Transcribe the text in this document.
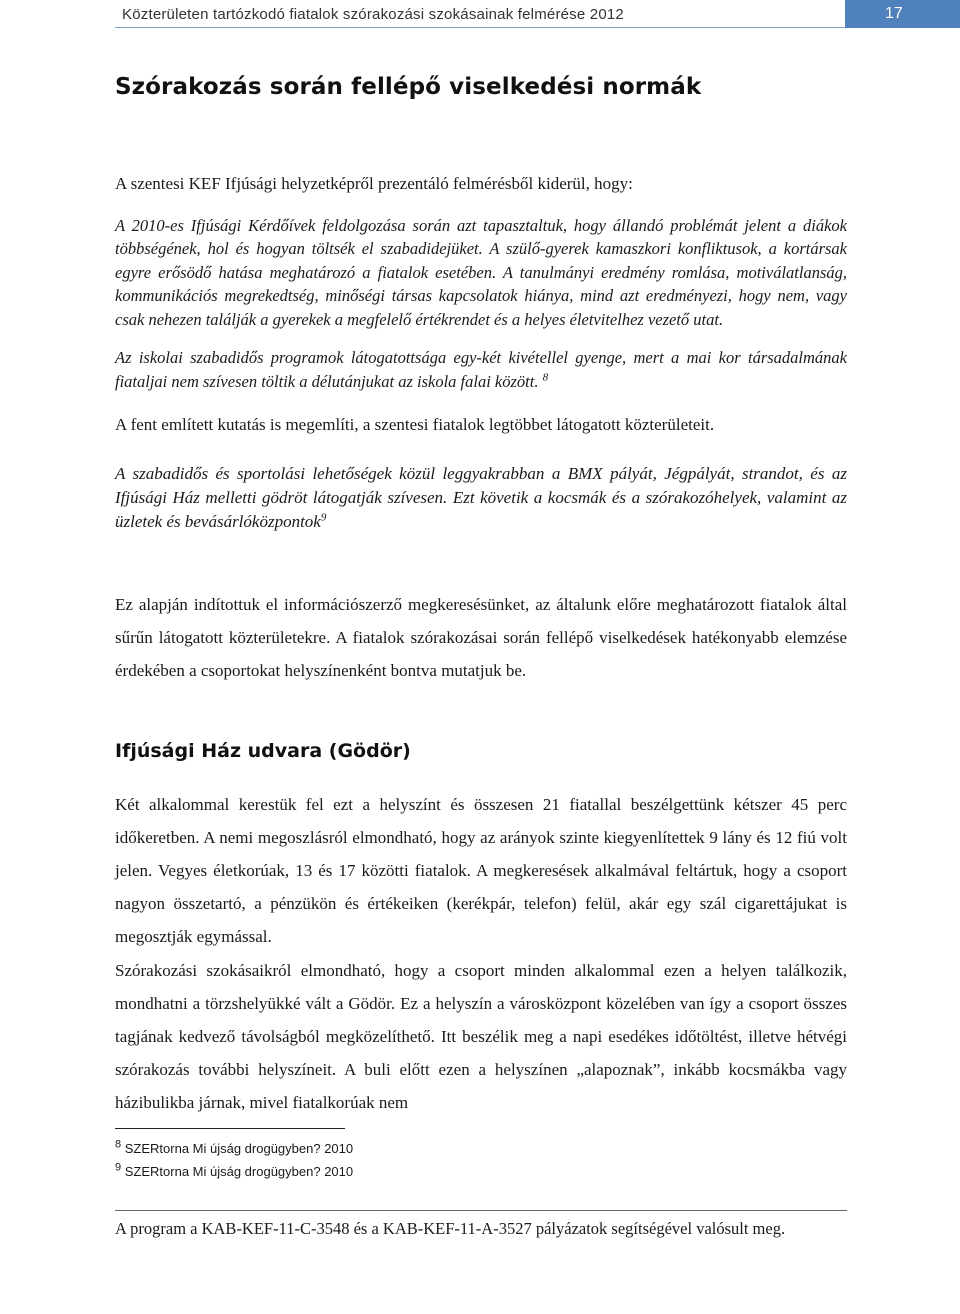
Közterületen tartózkodó fiatalok szórakozási szokásainak felmérése 2012	17
Szórakozás során fellépő viselkedési normák
A szentesi KEF Ifjúsági helyzetképről prezentáló felmérésből kiderül, hogy:
A 2010-es Ifjúsági Kérdőívek feldolgozása során azt tapasztaltuk, hogy állandó problémát jelent a diákok többségének, hol és hogyan töltsék el szabadidejüket. A szülő-gyerek kamaszkori konfliktusok, a kortársak egyre erősödő hatása meghatározó a fiatalok esetében. A tanulmányi eredmény romlása, motiválatlanság, kommunikációs megrekedtség, minőségi társas kapcsolatok hiánya, mind azt eredményezi, hogy nem, vagy csak nehezen találják a gyerekek a megfelelő értékrendet és a helyes életvitelhez vezető utat.
Az iskolai szabadidős programok látogatottsága egy-két kivétellel gyenge, mert a mai kor társadalmának fiataljai nem szívesen töltik a délutánjukat az iskola falai között. $^8$
A fent említett kutatás is megemlíti, a szentesi fiatalok legtöbbet látogatott közterületeit.
A szabadidős és sportolási lehetőségek közül leggyakrabban a BMX pályát, Jégpályát, strandot, és az Ifjúsági Ház melletti gödröt látogatják szívesen. Ezt követik a kocsmák és a szórakozóhelyek, valamint az üzletek és bevásárlóközpontok$^9$
Ez alapján indítottuk el információszerző megkeresésünket, az általunk előre meghatározott fiatalok által sűrűn látogatott közterületekre. A fiatalok szórakozásai során fellépő viselkedések hatékonyabb elemzése érdekében a csoportokat helyszínenként bontva mutatjuk be.
Ifjúsági Ház udvara (Gödör)
Két alkalommal kerestük fel ezt a helyszínt és összesen 21 fiatallal beszélgettünk kétszer 45 perc időkeretben. A nemi megoszlásról elmondható, hogy az arányok szinte kiegyenlítettek 9 lány és 12 fiú volt jelen. Vegyes életkorúak, 13 és 17 közötti fiatalok. A megkeresések alkalmával feltártuk, hogy a csoport nagyon összetartó, a pénzükön és értékeiken (kerékpár, telefon) felül, akár egy szál cigarettájukat is megosztják egymással.
Szórakozási szokásaikról elmondható, hogy a csoport minden alkalommal ezen a helyen találkozik, mondhatni a törzshelyükké vált a Gödör. Ez a helyszín a városközpont közelében van így a csoport összes tagjának kedvező távolságból megközelíthető. Itt beszélik meg a napi esedékes időtöltést, illetve hétvégi szórakozás további helyszíneit. A buli előtt ezen a helyszínen „alapoznak”, inkább kocsmákba vagy házibulikba járnak, mivel fiatalkorúak nem
$^8$ SZERtorna Mi újság drogügyben? 2010
$^9$ SZERtorna Mi újság drogügyben? 2010
A program a KAB-KEF-11-C-3548 és a KAB-KEF-11-A-3527 pályázatok segítségével valósult meg.
